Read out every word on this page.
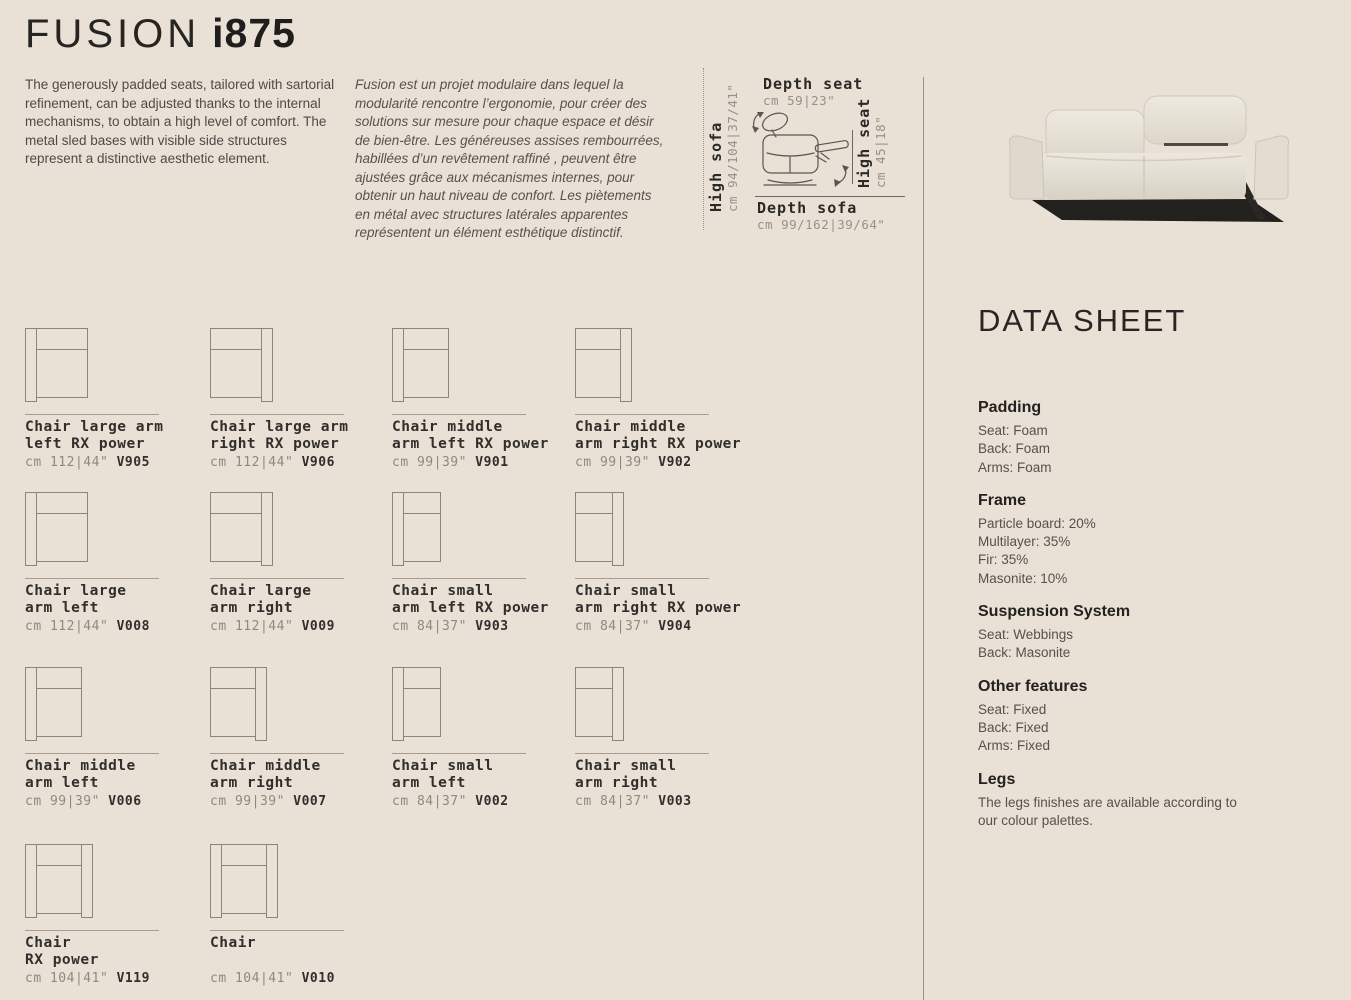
FUSION i875
The generously padded seats, tailored with sartorial refinement, can be adjusted thanks to the internal mechanisms, to obtain a high level of comfort. The metal sled bases with visible side structures represent a distinctive aesthetic element.
Fusion est un projet modulaire dans lequel la modularité rencontre l’ergonomie, pour créer des solutions sur mesure pour chaque espace et désir de bien-être. Les généreuses assises rembourrées, habillées d’un revêtement raffiné , peuvent être ajustées grâce aux mécanismes internes, pour obtenir un haut niveau de confort. Les piètements en métal avec structures latérales apparentes représentent un élément esthétique distinctif.
Depth seat
cm 59|23"
High sofa cm 94/104|37/41"	High seat cm 45|18"
Depth sofa
cm 99/162|39/64"
DATA SHEET
Padding
Seat: Foam
Back: Foam
Arms: Foam
Frame
Particle board: 20%
Multilayer: 35%
Fir: 35%
Masonite: 10%
Suspension System
Seat: Webbings
Back: Masonite
Other features
Seat: Fixed
Back: Fixed
Arms: Fixed
Legs
The legs finishes are available according to
our colour palettes.
Chair large arm
left RX power
cm 112|44" V905
Chair large arm
right RX power
cm 112|44" V906
Chair middle
arm left RX power
cm 99|39" V901
Chair middle
arm right RX power
cm 99|39" V902
Chair large
arm left
cm 112|44" V008
Chair large
arm right
cm 112|44" V009
Chair small
arm left RX power
cm 84|37" V903
Chair small
arm right RX power
cm 84|37" V904
Chair middle
arm left
cm 99|39" V006
Chair middle
arm right
cm 99|39" V007
Chair small
arm left
cm 84|37" V002
Chair small
arm right
cm 84|37" V003
Chair
RX power
cm 104|41" V119
Chair
cm 104|41" V010
